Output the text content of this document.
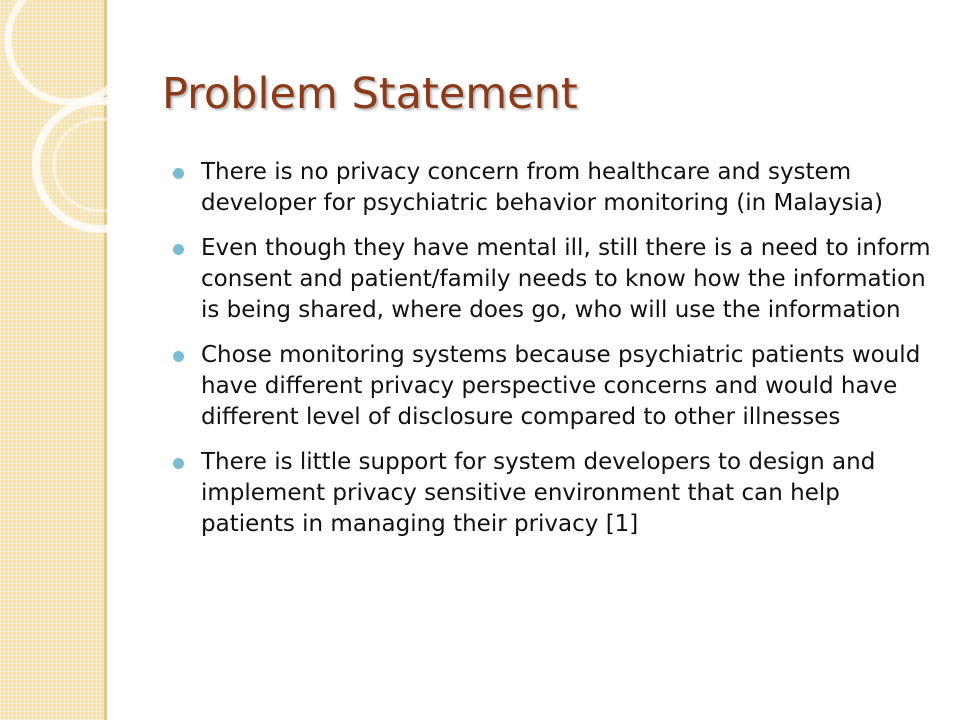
Problem Statement
There is no privacy concern from healthcare and system developer for psychiatric behavior monitoring (in Malaysia)
Even though they have mental ill, still there is a need to inform consent and patient/family needs to know how the information is being shared, where does go, who will use the information
Chose monitoring systems because psychiatric patients would have different privacy perspective concerns and would have different level of disclosure compared to other illnesses
There is little support for system developers to design and implement privacy sensitive environment that can help patients in managing their privacy [1]
